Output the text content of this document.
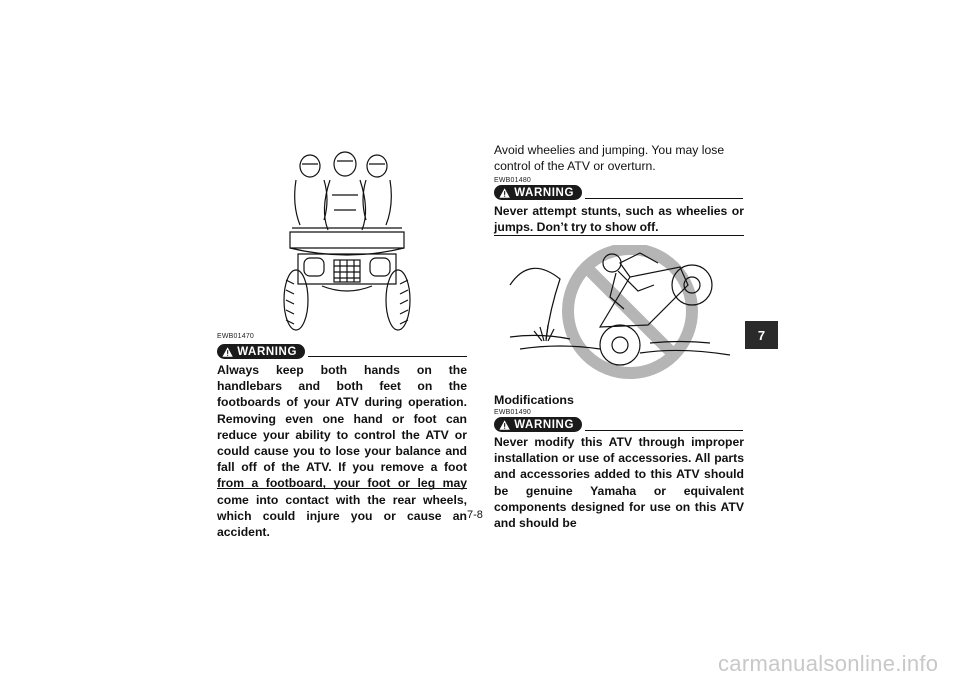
EWB01470
WARNING
Always keep both hands on the handlebars and both feet on the footboards of your ATV during operation. Removing even one hand or foot can reduce your ability to control the ATV or could cause you to lose your balance and fall off of the ATV. If you remove a foot from a footboard, your foot or leg may come into contact with the rear wheels, which could injure you or cause an accident.
Avoid wheelies and jumping. You may lose control of the ATV or overturn.
EWB01480
WARNING
Never attempt stunts, such as wheelies or jumps. Don’t try to show off.
Modifications
EWB01490
WARNING
Never modify this ATV through improper installation or use of accessories. All parts and accessories added to this ATV should be genuine Yamaha or equivalent components designed for use on this ATV and should be
7
7-8
carmanualsonline.info
